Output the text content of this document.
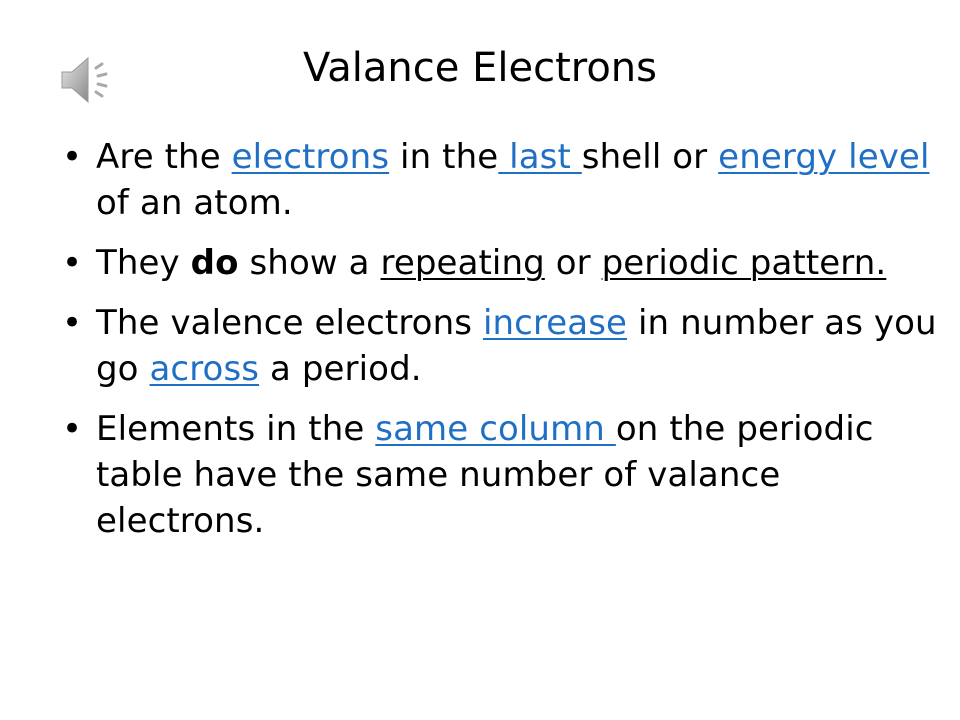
Valance Electrons
• Are the electrons in the last shell or energy level of an atom.

• They do show a repeating or periodic pattern.

• The valence electrons increase in number as you go across a period.

• Elements in the same column on the periodic table have the same number of valance electrons.
